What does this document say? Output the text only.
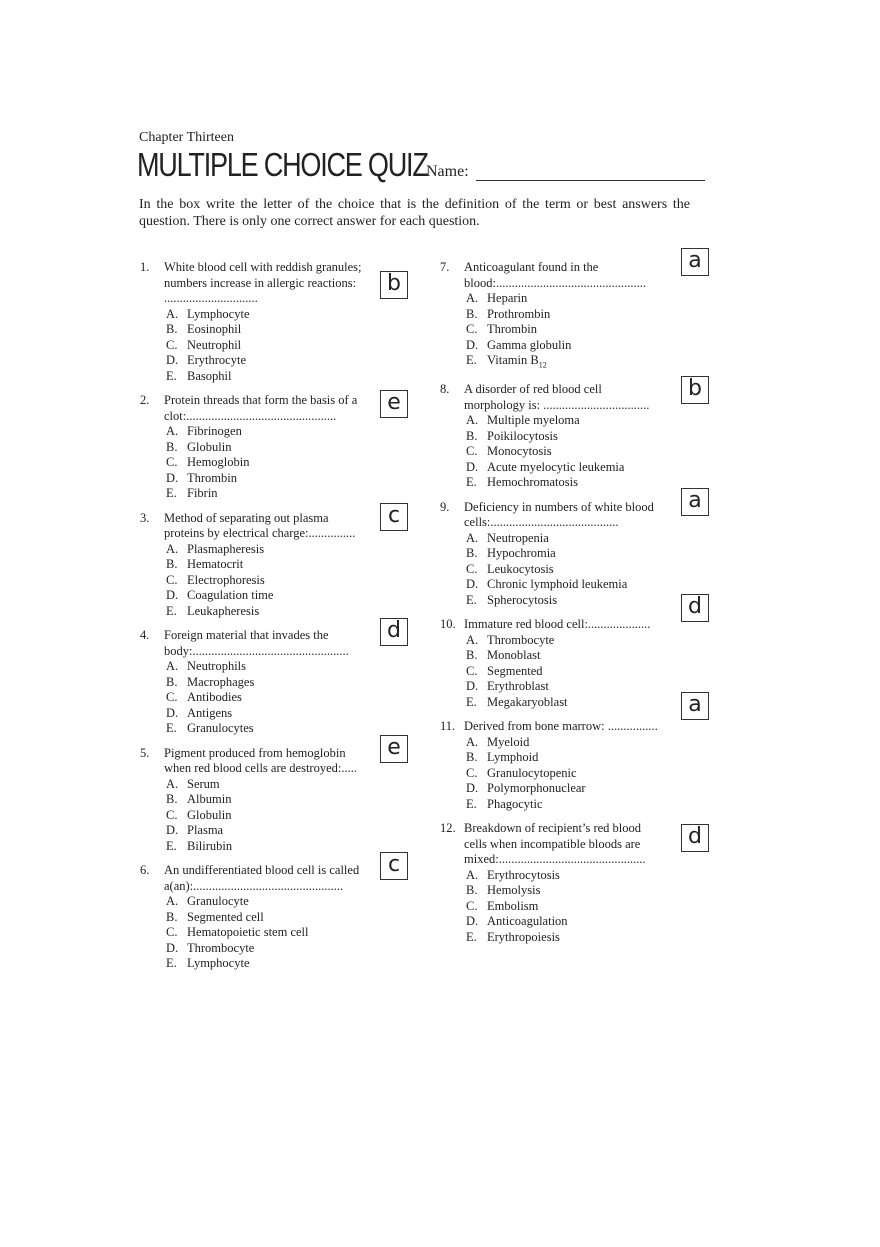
Chapter Thirteen
MULTIPLE CHOICE QUIZ
Name:
In the box write the letter of the choice that is the definition of the term or best answers the question. There is only one correct answer for each question.
1.	White blood cell with reddish granules; numbers increase in allergic reactions: ..............................
A. Lymphocyte
B. Eosinophil
C. Neutrophil
D. Erythrocyte
E. Basophil
b
2.	Protein threads that form the basis of a clot:................................................
A. Fibrinogen
B. Globulin
C. Hemoglobin
D. Thrombin
E. Fibrin
e
3.	Method of separating out plasma proteins by electrical charge:...............
A. Plasmapheresis
B. Hematocrit
C. Electrophoresis
D. Coagulation time
E. Leukapheresis
c
4.	Foreign material that invades the body:..................................................
A. Neutrophils
B. Macrophages
C. Antibodies
D. Antigens
E. Granulocytes
d
5.	Pigment produced from hemoglobin when red blood cells are destroyed:.....
A. Serum
B. Albumin
C. Globulin
D. Plasma
E. Bilirubin
e
6.	An undifferentiated blood cell is called a(an):................................................
A. Granulocyte
B. Segmented cell
C. Hematopoietic stem cell
D. Thrombocyte
E. Lymphocyte
c
7.	Anticoagulant found in the blood:................................................
A. Heparin
B. Prothrombin
C. Thrombin
D. Gamma globulin
E. Vitamin $B_{12}$
a
8.	A disorder of red blood cell morphology is: ..................................
A. Multiple myeloma
B. Poikilocytosis
C. Monocytosis
D. Acute myelocytic leukemia
E. Hemochromatosis
b
9.	Deficiency in numbers of white blood cells:.........................................
A. Neutropenia
B. Hypochromia
C. Leukocytosis
D. Chronic lymphoid leukemia
E. Spherocytosis
a
10. Immature red blood cell:....................
A. Thrombocyte
B. Monoblast
C. Segmented
D. Erythroblast
E. Megakaryoblast
d
11. Derived from bone marrow: ................
A. Myeloid
B. Lymphoid
C. Granulocytopenic
D. Polymorphonuclear
E. Phagocytic
a
12. Breakdown of recipient’s red blood cells when incompatible bloods are mixed:...............................................
A. Erythrocytosis
B. Hemolysis
C. Embolism
D. Anticoagulation
E. Erythropoiesis
d
